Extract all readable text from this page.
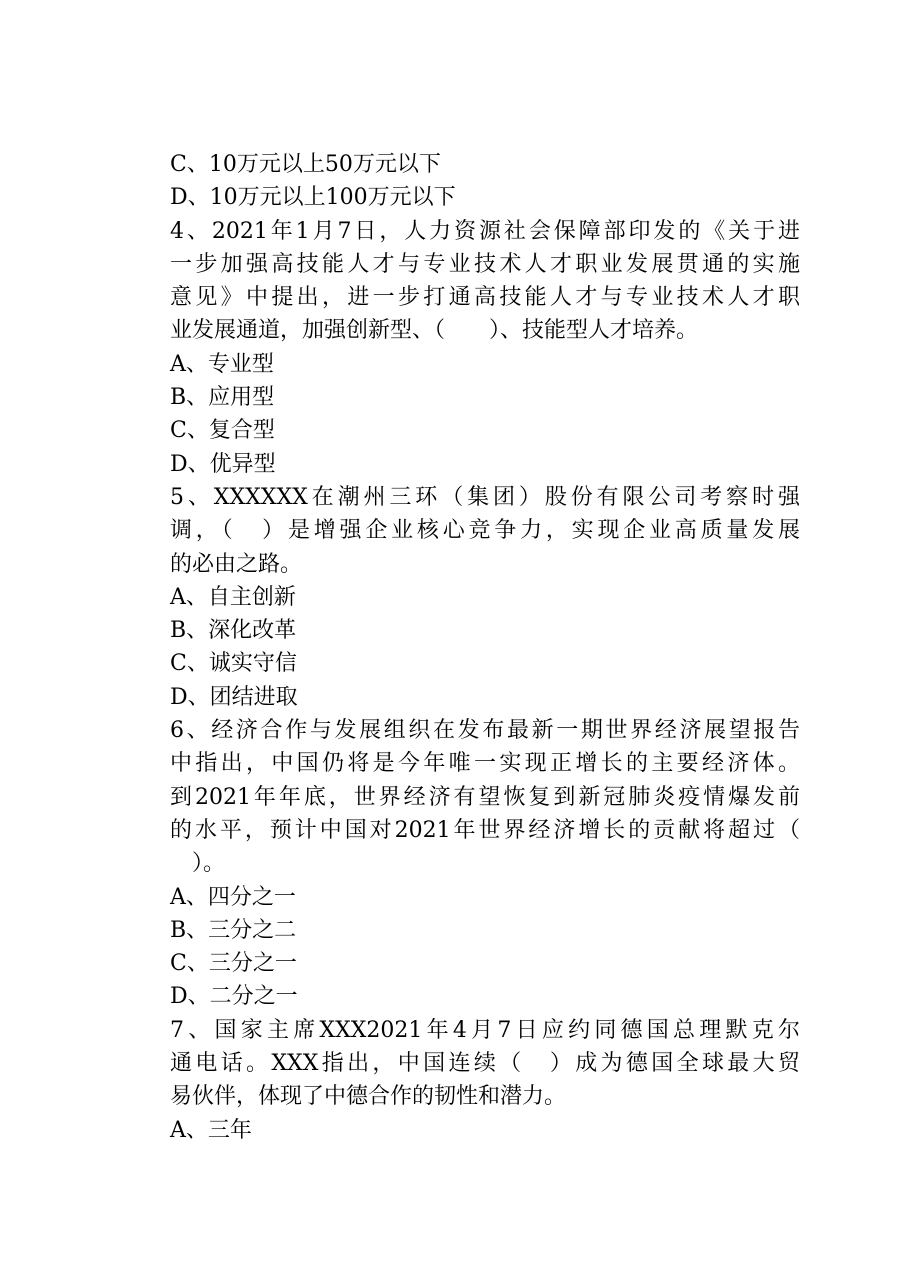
C、10万元以上50万元以下
D、10万元以上100万元以下
4、2021年1月7日，人力资源社会保障部印发的《关于进
一步加强高技能人才与专业技术人才职业发展贯通的实施
意见》中提出，进一步打通高技能人才与专业技术人才职
业发展通道，加强创新型、（　　）、技能型人才培养。
A、专业型
B、应用型
C、复合型
D、优异型
5、XXXXXX在潮州三环（集团）股份有限公司考察时强
调，（　）是增强企业核心竞争力，实现企业高质量发展
的必由之路。
A、自主创新
B、深化改革
C、诚实守信
D、团结进取
6、经济合作与发展组织在发布最新一期世界经济展望报告
中指出，中国仍将是今年唯一实现正增长的主要经济体。
到2021年年底，世界经济有望恢复到新冠肺炎疫情爆发前
的水平，预计中国对2021年世界经济增长的贡献将超过（
　）。
A、四分之一
B、三分之二
C、三分之一
D、二分之一
7、国家主席XXX2021年4月7日应约同德国总理默克尔
通电话。XXX指出，中国连续（　）成为德国全球最大贸
易伙伴，体现了中德合作的韧性和潜力。
A、三年
